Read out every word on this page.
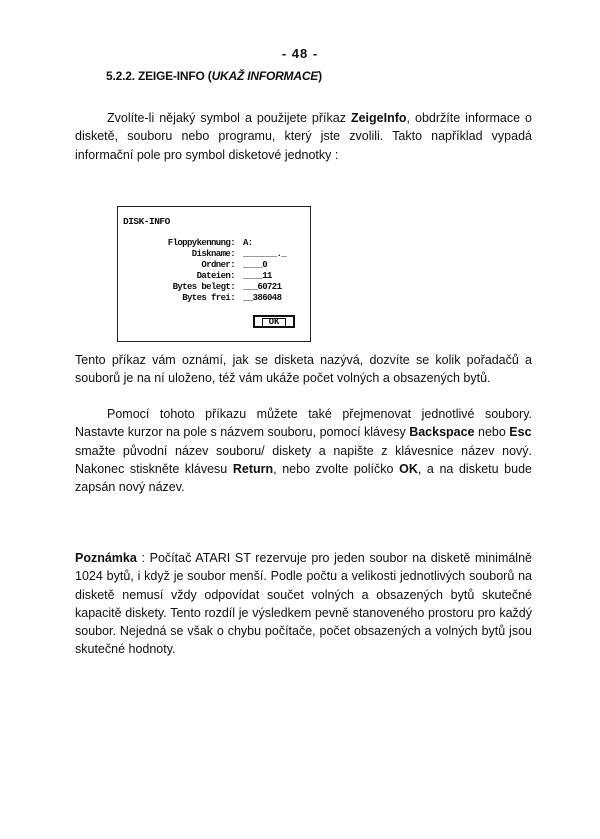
- 48 -
5.2.2. ZEIGE-INFO (UKAŽ INFORMACE)
Zvolíte-li nějaký symbol a použijete příkaz ZeigeInfo, obdržíte informace o disketě, souboru nebo programu, který jste zvolili. Takto například vypadá informační pole pro symbol disketové jednotky :
DISK-INFO
Floppykennung: A:
Diskname: _______._
Ordner: ____0
Dateien: ____11
Bytes belegt: ___60721
Bytes frei: __386048
OK
Tento příkaz vám oznámí, jak se disketa nazývá, dozvíte se kolik pořadačů a souborů je na ní uloženo, též vám ukáže počet volných a obsazených bytů.
Pomocí tohoto příkazu můžete také přejmenovat jednotlivé soubory. Nastavte kurzor na pole s názvem souboru, pomocí klávesy Backspace nebo Esc
smažte původní název souboru/ diskety a napište z klávesnice název nový. Nakonec stiskněte klávesu Return, nebo zvolte políčko OK, a na disketu bude zapsán nový název.
Poznámka : Počítač ATARI ST rezervuje pro jeden soubor na disketě minimálně 1024 bytů, i když je soubor menší. Podle počtu a velikosti jednotlivých souborů na disketě nemusí vždy odpovídat součet volných a obsazených bytů skutečné kapacitě diskety. Tento rozdíl je výsledkem pevně stanoveného prostoru pro každý soubor. Nejedná se však o chybu počítače, počet obsazených a volných bytů jsou skutečné hodnoty.
